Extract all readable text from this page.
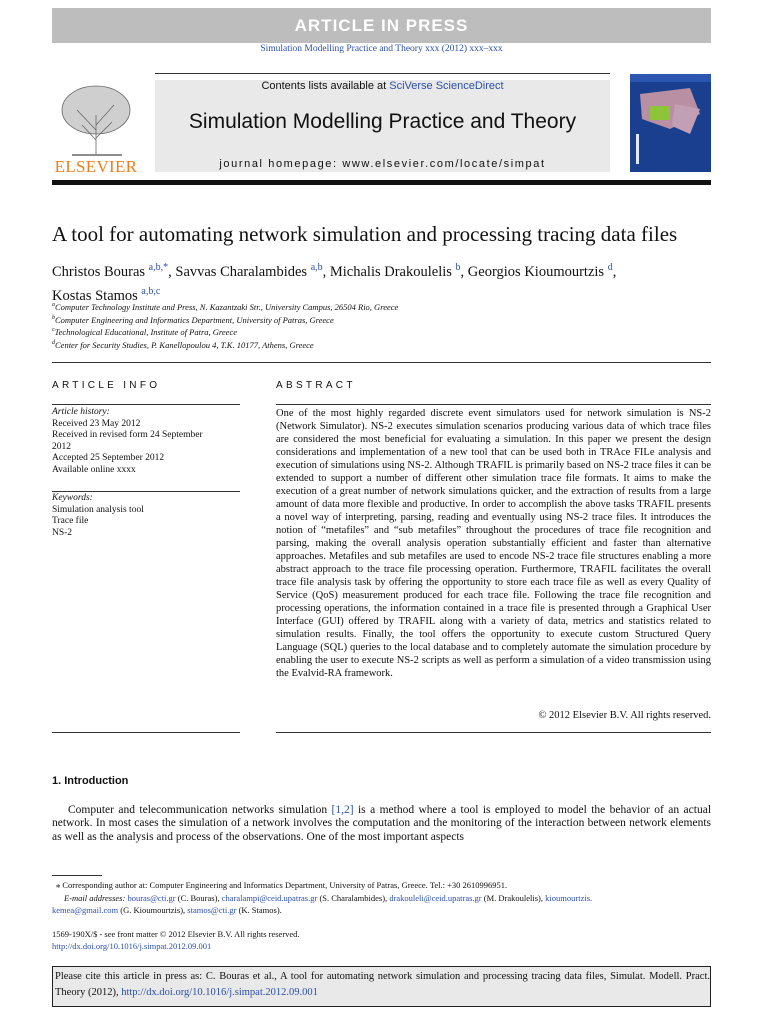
ARTICLE IN PRESS
Simulation Modelling Practice and Theory xxx (2012) xxx–xxx
ELSEVIER
Contents lists available at SciVerse ScienceDirect
Simulation Modelling Practice and Theory
journal homepage: www.elsevier.com/locate/simpat
A tool for automating network simulation and processing tracing data files
Christos Bouras $^{a,b,*}$, Savvas Charalambides $^{a,b}$, Michalis Drakoulelis $^b$, Georgios Kioumourtzis $^d$,
Kostas Stamos $^{a,b,c}$
$^a$Computer Technology Institute and Press, N. Kazantzaki Str., University Campus, 26504 Rio, Greece
$^b$Computer Engineering and Informatics Department, University of Patras, Greece
$^c$Technological Educational, Institute of Patra, Greece
$^d$Center for Security Studies, P. Kanellopoulou 4, T.K. 10177, Athens, Greece
ARTICLE INFO	ABSTRACT
Article history:
Received 23 May 2012
Received in revised form 24 September
2012
Accepted 25 September 2012
Available online xxxx
Keywords:
Simulation analysis tool
Trace file
NS-2
One of the most highly regarded discrete event simulators used for network simulation is NS-2 (Network Simulator). NS-2 executes simulation scenarios producing various data of which trace files are considered the most beneficial for evaluating a simulation. In this paper we present the design considerations and implementation of a new tool that can be used both in TRAce FILe analysis and execution of simulations using NS-2. Although TRAFIL is primarily based on NS-2 trace files it can be extended to support a number of different other simulation trace file formats. It aims to make the execution of a great number of network simulations quicker, and the extraction of results from a large amount of data more flexible and productive. In order to accomplish the above tasks TRAFIL presents a novel way of interpreting, parsing, reading and eventually using NS-2 trace files. It introduces the notion of “metafiles” and “sub metafiles” throughout the procedures of trace file recognition and parsing, making the overall analysis operation substantially efficient and faster than alternative approaches. Metafiles and sub metafiles are used to encode NS-2 trace file structures enabling a more abstract approach to the trace file processing operation. Furthermore, TRAFIL facilitates the overall trace file analysis task by offering the opportunity to store each trace file as well as every Quality of Service (QoS) measurement produced for each trace file. Following the trace file recognition and processing operations, the information contained in a trace file is presented through a Graphical User Interface (GUI) offered by TRAFIL along with a variety of data, metrics and statistics related to simulation results. Finally, the tool offers the opportunity to execute custom Structured Query Language (SQL) queries to the local database and to completely automate the simulation procedure by enabling the user to execute NS-2 scripts as well as perform a simulation of a video transmission using the Evalvid-RA framework.
© 2012 Elsevier B.V. All rights reserved.
1. Introduction
Computer and telecommunication networks simulation [1,2] is a method where a tool is employed to model the behavior of an actual network. In most cases the simulation of a network involves the computation and the monitoring of the interaction between network elements as well as the analysis and process of the observations. One of the most important aspects
⁎ Corresponding author at: Computer Engineering and Informatics Department, University of Patras, Greece. Tel.: +30 2610996951.
E-mail addresses: bouras@cti.gr (C. Bouras), charalampi@ceid.upatras.gr (S. Charalambides), drakouleli@ceid.upatras.gr (M. Drakoulelis), kioumourtzis.
kemea@gmail.com (G. Kioumourtzis), stamos@cti.gr (K. Stamos).
1569-190X/$ - see front matter © 2012 Elsevier B.V. All rights reserved.
http://dx.doi.org/10.1016/j.simpat.2012.09.001
Please cite this article in press as: C. Bouras et al., A tool for automating network simulation and processing tracing data files, Simulat. Modell. Pract. Theory (2012), http://dx.doi.org/10.1016/j.simpat.2012.09.001
